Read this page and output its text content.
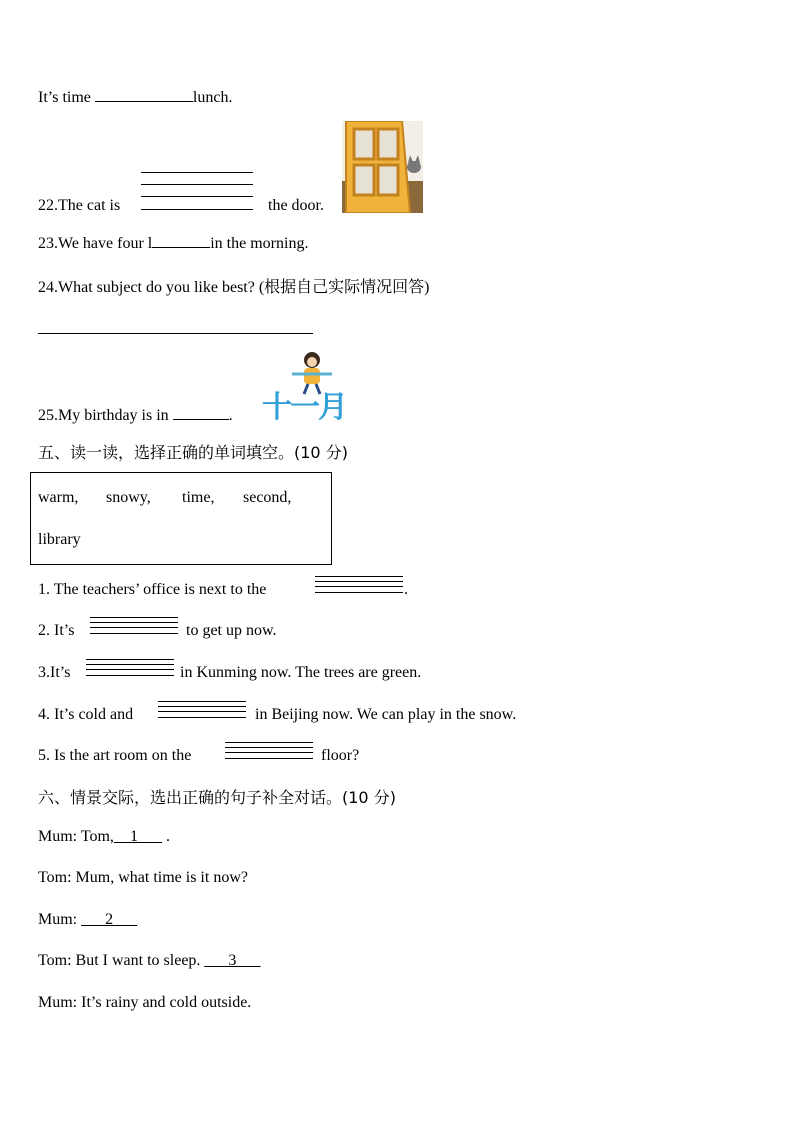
It’s time	lunch.
22.The cat is	the door.
23.We have four l	in the morning.
24.What subject do you like best? (根据自己实际情况回答)
25.My birthday is in	. 十一月
五、读一读，选择正确的单词填空。(10 分)
warm, snowy, time, second,
library
1. The teachers’ office is next to the	.
2. It’s	to get up now.
3.It’s	in Kunming now. The trees are green.
4. It’s cold and	in Beijing now. We can play in the snow.
5. Is the art room on the	floor?
六、情景交际，选出正确的句子补全对话。(10 分)
Mum: Tom,__1___ .
Tom: Mum, what time is it now?
Mum: ___2___
Tom: But I want to sleep. ___3___
Mum: It’s rainy and cold outside.
